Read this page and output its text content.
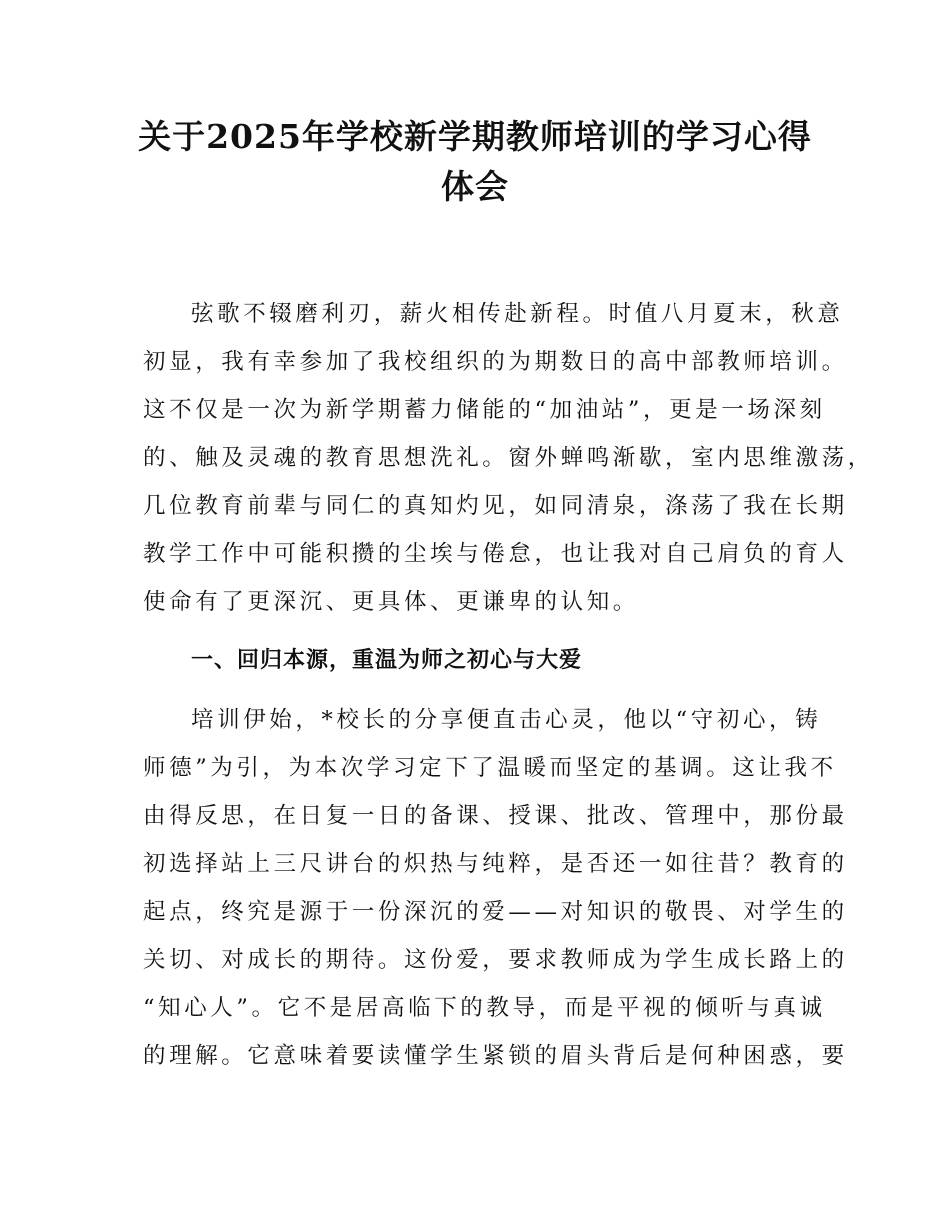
关于2025年学校新学期教师培训的学习心得
体会
弦歌不辍磨利刃，薪火相传赴新程。时值八月夏末，秋意
初显，我有幸参加了我校组织的为期数日的高中部教师培训。
这不仅是一次为新学期蓄力储能的“加油站”，更是一场深刻
的、触及灵魂的教育思想洗礼。窗外蝉鸣渐歇，室内思维激荡，
几位教育前辈与同仁的真知灼见，如同清泉，涤荡了我在长期
教学工作中可能积攒的尘埃与倦怠，也让我对自己肩负的育人
使命有了更深沉、更具体、更谦卑的认知。
一、回归本源，重温为师之初心与大爱
培训伊始，*校长的分享便直击心灵，他以“守初心，铸
师德”为引，为本次学习定下了温暖而坚定的基调。这让我不
由得反思，在日复一日的备课、授课、批改、管理中，那份最
初选择站上三尺讲台的炽热与纯粹，是否还一如往昔？教育的
起点，终究是源于一份深沉的爱——对知识的敬畏、对学生的
关切、对成长的期待。这份爱，要求教师成为学生成长路上的
“知心人”。它不是居高临下的教导，而是平视的倾听与真诚
的理解。它意味着要读懂学生紧锁的眉头背后是何种困惑，要
